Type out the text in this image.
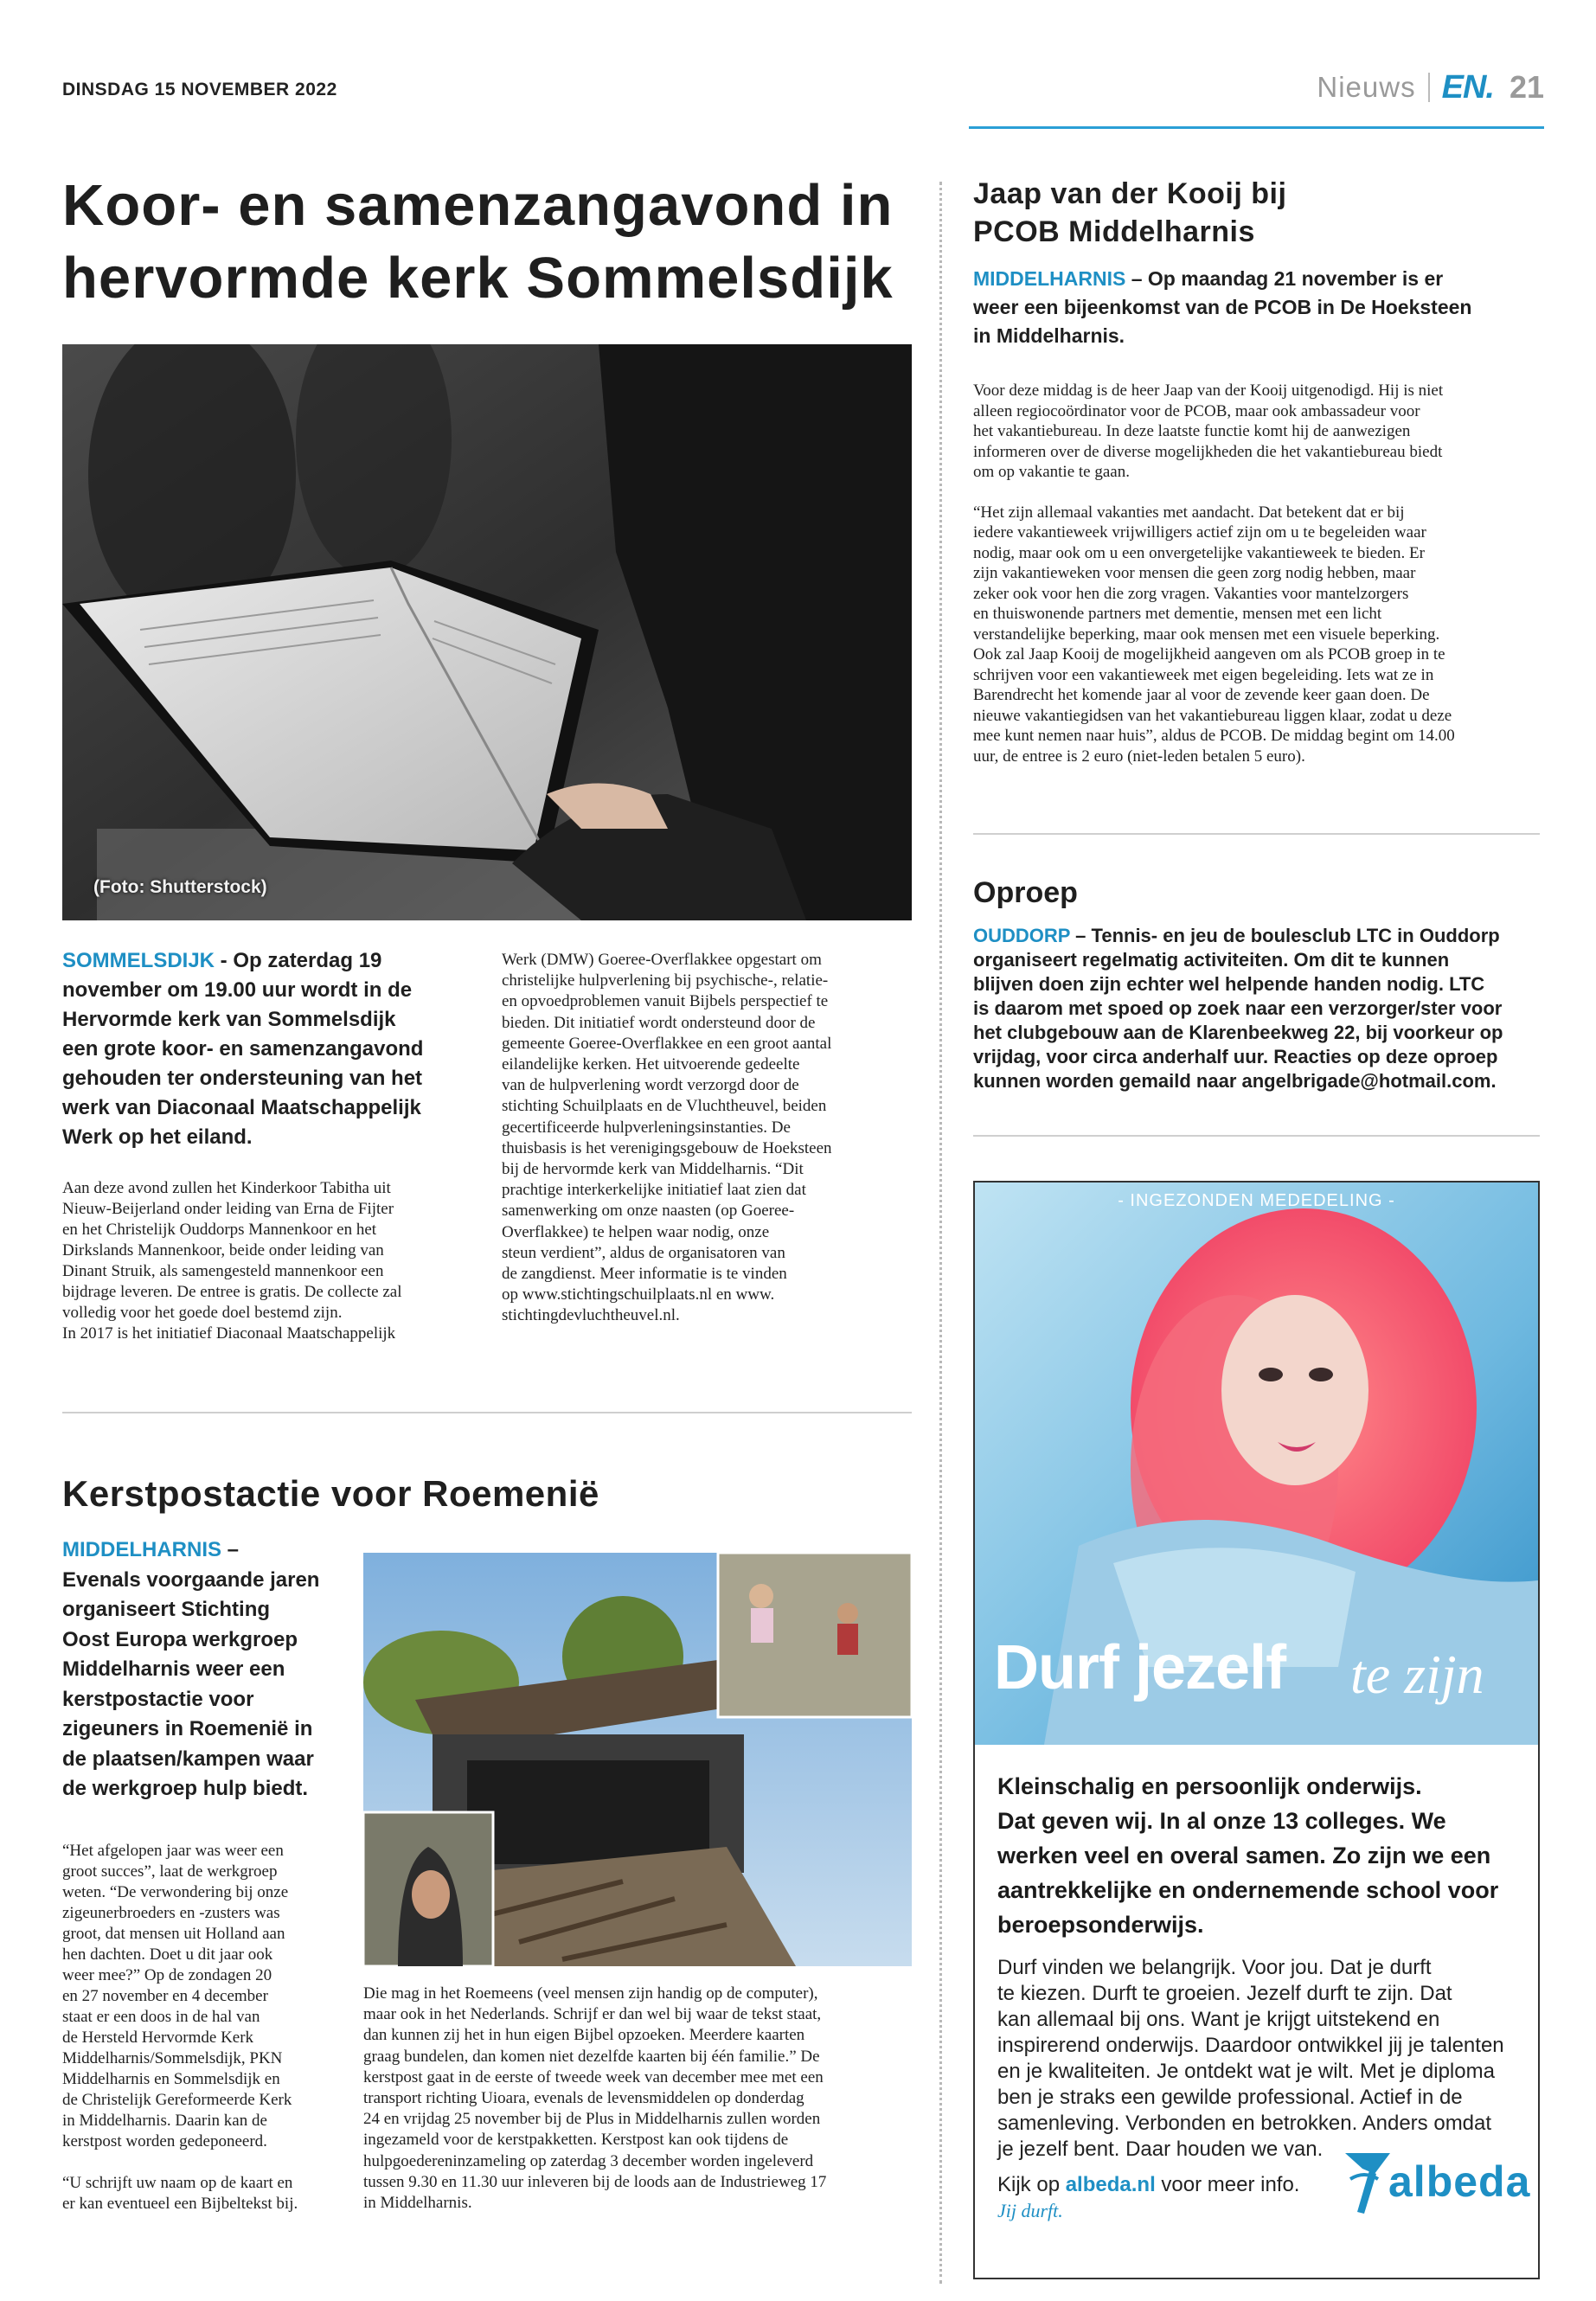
DINSDAG 15 NOVEMBER 2022	Nieuws EN. 21
Koor- en samenzangavond in
hervormde kerk Sommelsdijk
(Foto: Shutterstock)
SOMMELSDIJK - Op zaterdag 19
november om 19.00 uur wordt in de
Hervormde kerk van Sommelsdijk
een grote koor- en samenzangavond
gehouden ter ondersteuning van het
werk van Diaconaal Maatschappelijk
Werk op het eiland.
Aan deze avond zullen het Kinderkoor Tabitha uit
Nieuw-Beijerland onder leiding van Erna de Fijter
en het Christelijk Ouddorps Mannenkoor en het
Dirkslands Mannenkoor, beide onder leiding van
Dinant Struik, als samengesteld mannenkoor een
bijdrage leveren. De entree is gratis. De collecte zal
volledig voor het goede doel bestemd zijn.
In 2017 is het initiatief Diaconaal Maatschappelijk
Werk (DMW) Goeree-Overflakkee opgestart om
christelijke hulpverlening bij psychische-, relatie-
en opvoedproblemen vanuit Bijbels perspectief te
bieden. Dit initiatief wordt ondersteund door de
gemeente Goeree-Overflakkee en een groot aantal
eilandelijke kerken. Het uitvoerende gedeelte
van de hulpverlening wordt verzorgd door de
stichting Schuilplaats en de Vluchtheuvel, beiden
gecertificeerde hulpverleningsinstanties. De
thuisbasis is het verenigingsgebouw de Hoeksteen
bij de hervormde kerk van Middelharnis. “Dit
prachtige interkerkelijke initiatief laat zien dat
samenwerking om onze naasten (op Goeree-
Overflakkee) te helpen waar nodig, onze
steun verdient”, aldus de organisatoren van
de zangdienst. Meer informatie is te vinden
op www.stichtingschuilplaats.nl en www.
stichtingdevluchtheuvel.nl.
Kerstpostactie voor Roemenië
MIDDELHARNIS –
Evenals voorgaande jaren
organiseert Stichting
Oost Europa werkgroep
Middelharnis weer een
kerstpostactie voor
zigeuners in Roemenië in
de plaatsen/kampen waar
de werkgroep hulp biedt.
“Het afgelopen jaar was weer een
groot succes”, laat de werkgroep
weten. “De verwondering bij onze
zigeunerbroeders en -zusters was
groot, dat mensen uit Holland aan
hen dachten. Doet u dit jaar ook
weer mee?” Op de zondagen 20
en 27 november en 4 december
staat er een doos in de hal van
de Hersteld Hervormde Kerk
Middelharnis/Sommelsdijk, PKN
Middelharnis en Sommelsdijk en
de Christelijk Gereformeerde Kerk
in Middelharnis. Daarin kan de
kerstpost worden gedeponeerd.
“U schrijft uw naam op de kaart en
er kan eventueel een Bijbeltekst bij.
Die mag in het Roemeens (veel mensen zijn handig op de computer),
maar ook in het Nederlands. Schrijf er dan wel bij waar de tekst staat,
dan kunnen zij het in hun eigen Bijbel opzoeken. Meerdere kaarten
graag bundelen, dan komen niet dezelfde kaarten bij één familie.” De
kerstpost gaat in de eerste of tweede week van december mee met een
transport richting Uioara, evenals de levensmiddelen op donderdag
24 en vrijdag 25 november bij de Plus in Middelharnis zullen worden
ingezameld voor de kerstpakketten. Kerstpost kan ook tijdens de
hulpgoedereninzameling op zaterdag 3 december worden ingeleverd
tussen 9.30 en 11.30 uur inleveren bij de loods aan de Industrieweg 17
in Middelharnis.
Jaap van der Kooij bij
PCOB Middelharnis
MIDDELHARNIS – Op maandag 21 november is er
weer een bijeenkomst van de PCOB in De Hoeksteen
in Middelharnis.
Voor deze middag is de heer Jaap van der Kooij uitgenodigd. Hij is niet
alleen regiocoördinator voor de PCOB, maar ook ambassadeur voor
het vakantiebureau. In deze laatste functie komt hij de aanwezigen
informeren over de diverse mogelijkheden die het vakantiebureau biedt
om op vakantie te gaan.
“Het zijn allemaal vakanties met aandacht. Dat betekent dat er bij
iedere vakantieweek vrijwilligers actief zijn om u te begeleiden waar
nodig, maar ook om u een onvergetelijke vakantieweek te bieden. Er
zijn vakantieweken voor mensen die geen zorg nodig hebben, maar
zeker ook voor hen die zorg vragen. Vakanties voor mantelzorgers
en thuiswonende partners met dementie, mensen met een licht
verstandelijke beperking, maar ook mensen met een visuele beperking.
Ook zal Jaap Kooij de mogelijkheid aangeven om als PCOB groep in te
schrijven voor een vakantieweek met eigen begeleiding. Iets wat ze in
Barendrecht het komende jaar al voor de zevende keer gaan doen. De
nieuwe vakantiegidsen van het vakantiebureau liggen klaar, zodat u deze
mee kunt nemen naar huis”, aldus de PCOB. De middag begint om 14.00
uur, de entree is 2 euro (niet-leden betalen 5 euro).
Oproep
OUDDORP – Tennis- en jeu de boulesclub LTC in Ouddorp
organiseert regelmatig activiteiten. Om dit te kunnen
blijven doen zijn echter wel helpende handen nodig. LTC
is daarom met spoed op zoek naar een verzorger/ster voor
het clubgebouw aan de Klarenbeekweg 22, bij voorkeur op
vrijdag, voor circa anderhalf uur. Reacties op deze oproep
kunnen worden gemaild naar angelbrigade@hotmail.com.
- INGEZONDEN MEDEDELING -
Durf jezelf te zijn
Kleinschalig en persoonlijk onderwijs.
Dat geven wij. In al onze 13 colleges. We
werken veel en overal samen. Zo zijn we een
aantrekkelijke en ondernemende school voor
beroepsonderwijs.
Durf vinden we belangrijk. Voor jou. Dat je durft
te kiezen. Durft te groeien. Jezelf durft te zijn. Dat
kan allemaal bij ons. Want je krijgt uitstekend en
inspirerend onderwijs. Daardoor ontwikkel jij je talenten
en je kwaliteiten. Je ontdekt wat je wilt. Met je diploma
ben je straks een gewilde professional. Actief in de
samenleving. Verbonden en betrokken. Anders omdat
je jezelf bent. Daar houden we van.
Kijk op albeda.nl voor meer info.
Jij durft.
albeda
